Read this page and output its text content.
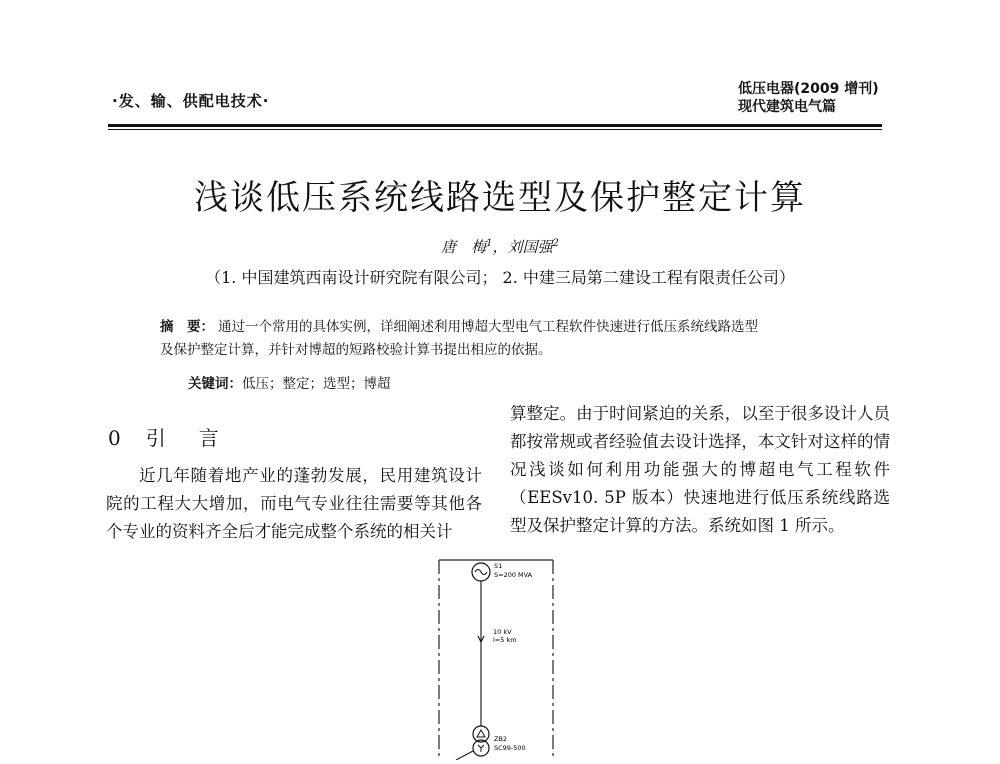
·发、输、供配电技术·
低压电器(2009 增刊)
现代建筑电气篇
浅谈低压系统线路选型及保护整定计算
唐　梅$^1$，刘国强$^2$
（1. 中国建筑西南设计研究院有限公司； 2. 中建三局第二建设工程有限责任公司）
摘　要： 通过一个常用的具体实例，详细阐述利用博超大型电气工程软件快速进行低压系统线路选型
及保护整定计算，并针对博超的短路校验计算书提出相应的依据。
关键词：低压；整定；选型；博超
0 引 言

近几年随着地产业的蓬勃发展，民用建筑设计院的工程大大增加，而电气专业往往需要等其他各个专业的资料齐全后才能完成整个系统的相关计

算整定。由于时间紧迫的关系，以至于很多设计人员都按常规或者经验值去设计选择，本文针对这样的情况浅谈如何利用功能强大的博超电气工程软件（EESv10. 5P 版本）快速地进行低压系统线路选型及保护整定计算的方法。系统如图 1 所示。

S1
S=200 MVA
10 kV
l=5 km
ZB2
SC99-500
